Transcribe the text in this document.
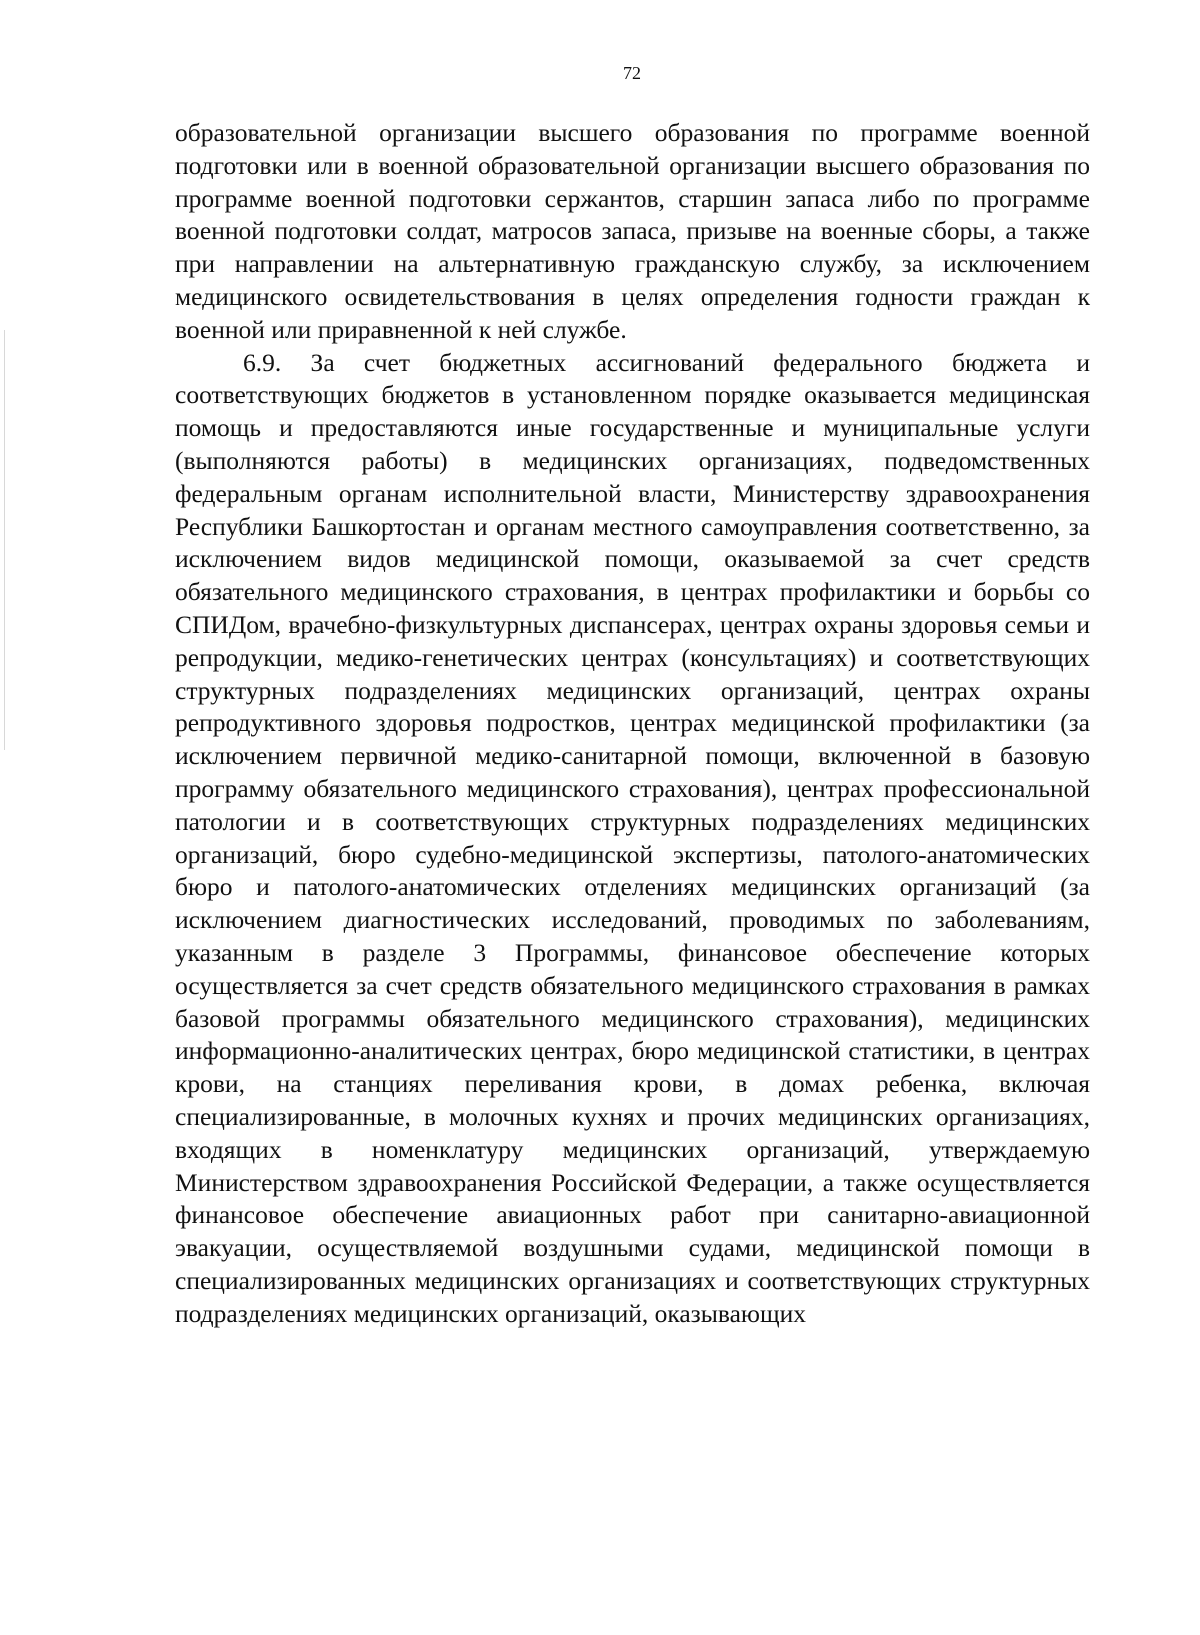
72

образовательной организации высшего образования по программе военной подготовки или в военной образовательной организации высшего образования по программе военной подготовки сержантов, старшин запаса либо по программе военной подготовки солдат, матросов запаса, призыве на военные сборы, а также при направлении на альтернативную гражданскую службу, за исключением медицинского освидетельствования в целях определения годности граждан к военной или приравненной к ней службе.

6.9. За счет бюджетных ассигнований федерального бюджета и соответствующих бюджетов в установленном порядке оказывается медицинская помощь и предоставляются иные государственные и муниципальные услуги (выполняются работы) в медицинских организациях, подведомственных федеральным органам исполнительной власти, Министерству здравоохранения Республики Башкортостан и органам местного самоуправления соответственно, за исключением видов медицинской помощи, оказываемой за счет средств обязательного медицинского страхования, в центрах профилактики и борьбы со СПИДом, врачебно-физкультурных диспансерах, центрах охраны здоровья семьи и репродукции, медико-генетических центрах (консультациях) и соответствующих структурных подразделениях медицинских организаций, центрах охраны репродуктивного здоровья подростков, центрах медицинской профилактики (за исключением первичной медико-санитарной помощи, включенной в базовую программу обязательного медицинского страхования), центрах профессиональной патологии и в соответствующих структурных подразделениях медицинских организаций, бюро судебно-медицинской экспертизы, патолого-анатомических бюро и патолого-анатомических отделениях медицинских организаций (за исключением диагностических исследований, проводимых по заболеваниям, указанным в разделе 3 Программы, финансовое обеспечение которых осуществляется за счет средств обязательного медицинского страхования в рамках базовой программы обязательного медицинского страхования), медицинских информационно-аналитических центрах, бюро медицинской статистики, в центрах крови, на станциях переливания крови, в домах ребенка, включая специализированные, в молочных кухнях и прочих медицинских организациях, входящих в номенклатуру медицинских организаций, утверждаемую Министерством здравоохранения Российской Федерации, а также осуществляется финансовое обеспечение авиационных работ при санитарно-авиационной эвакуации, осуществляемой воздушными судами, медицинской помощи в специализированных медицинских организациях и соответствующих структурных подразделениях медицинских организаций, оказывающих
